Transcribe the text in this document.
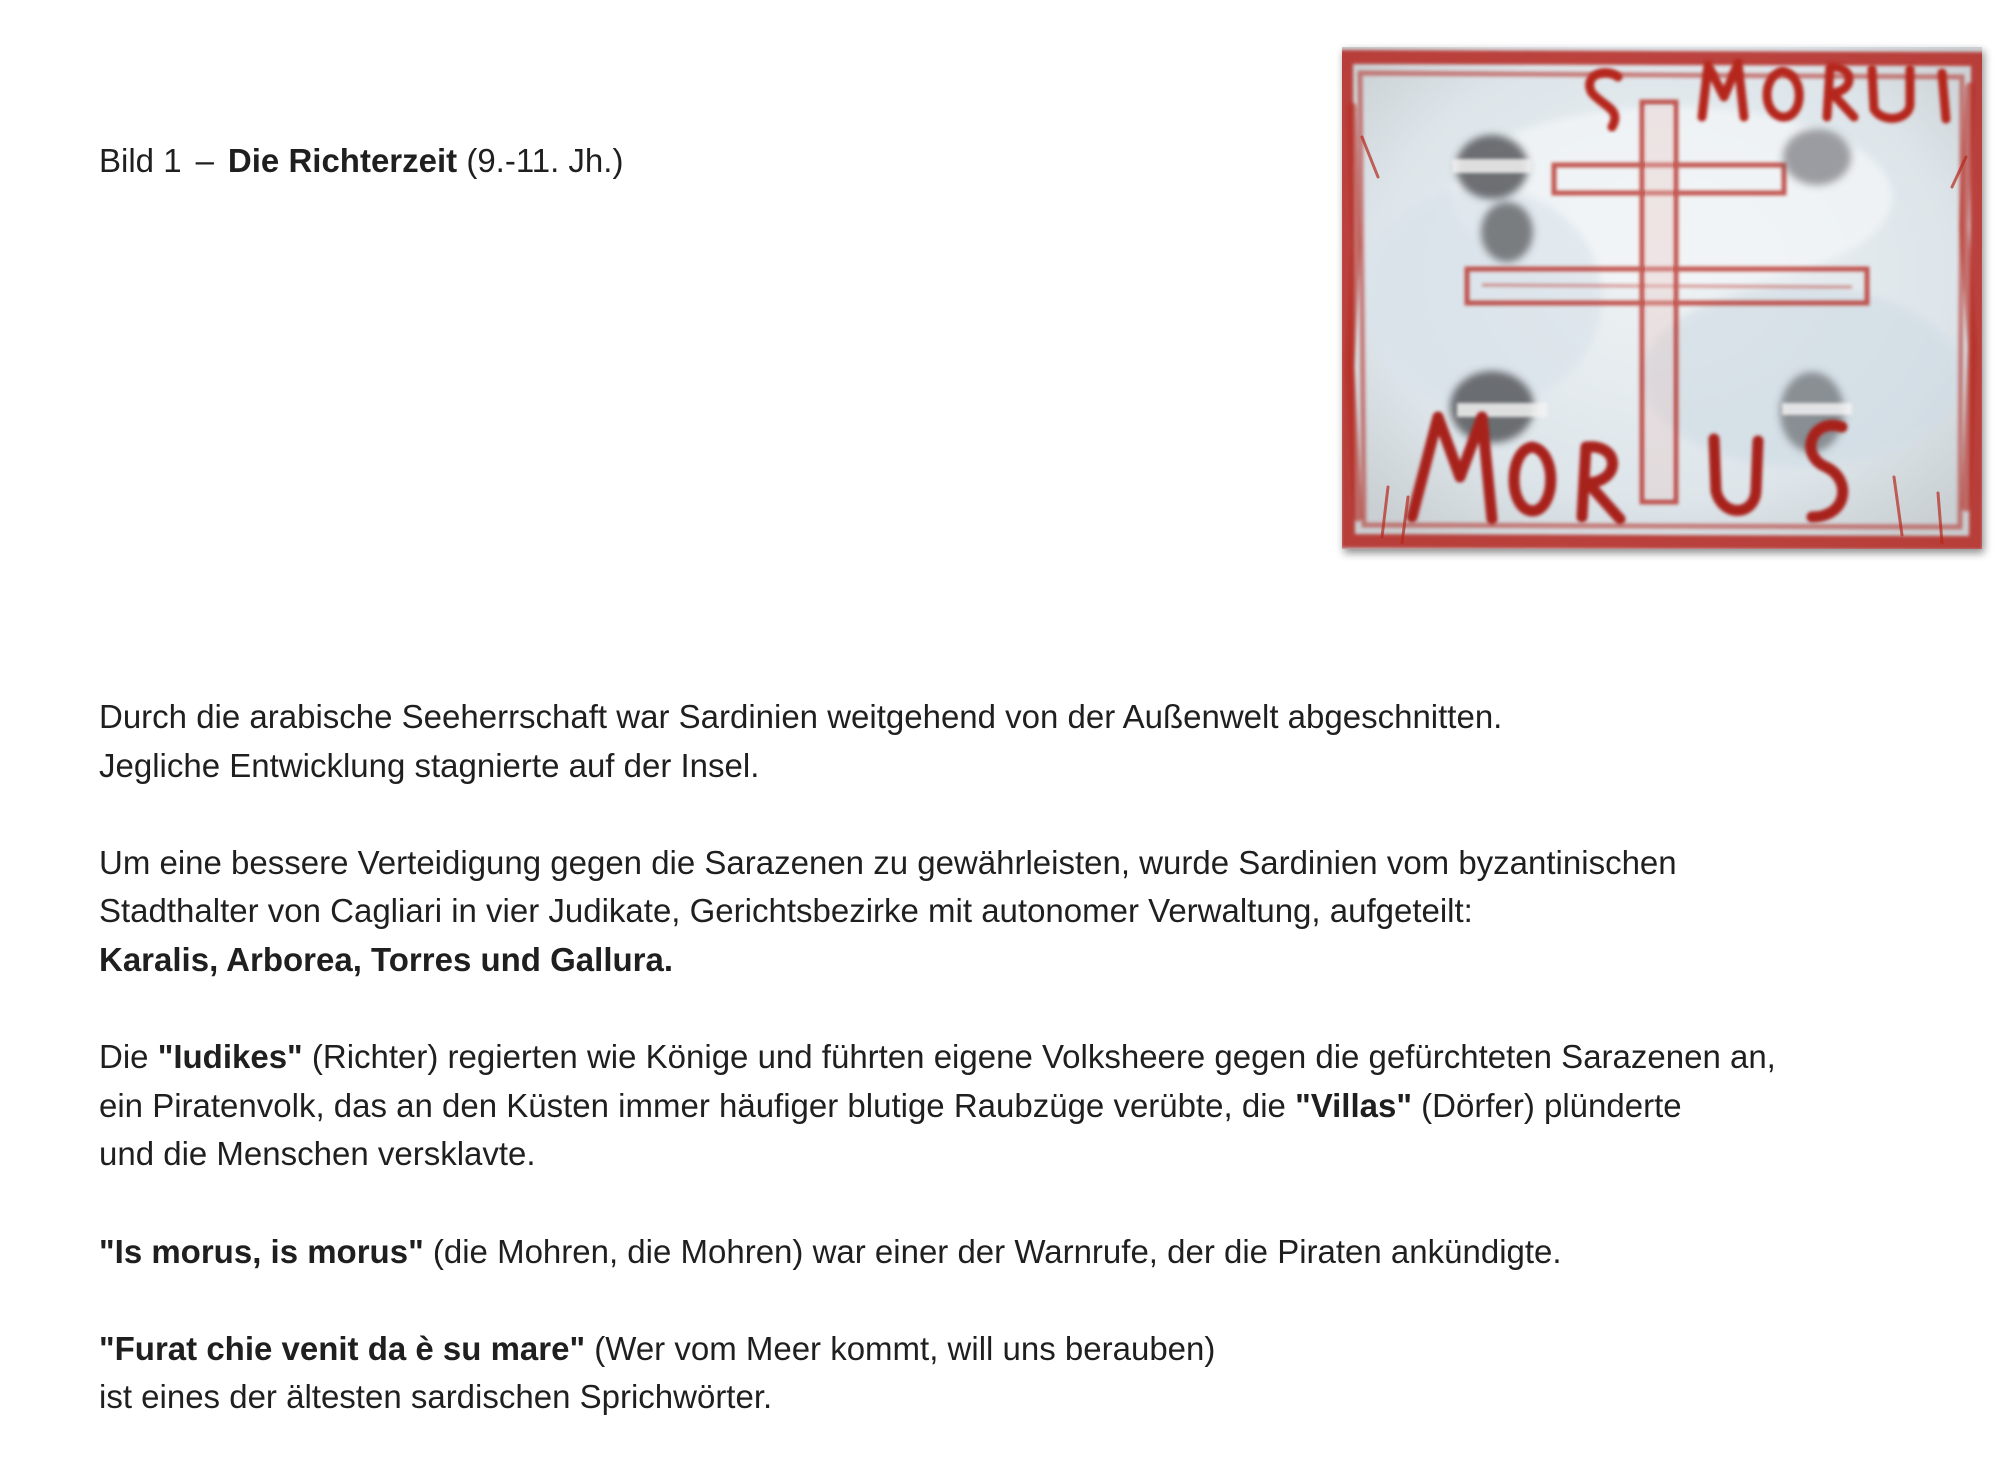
Bild 1 – Die Richterzeit (9.-11. Jh.)

Durch die arabische Seeherrschaft war Sardinien weitgehend von der Außenwelt abgeschnitten.
Jegliche Entwicklung stagnierte auf der Insel.

Um eine bessere Verteidigung gegen die Sarazenen zu gewährleisten, wurde Sardinien vom byzantinischen
Stadthalter von Cagliari in vier Judikate, Gerichtsbezirke mit autonomer Verwaltung, aufgeteilt:
Karalis, Arborea, Torres und Gallura.

Die "Iudikes" (Richter) regierten wie Könige und führten eigene Volksheere gegen die gefürchteten Sarazenen an,
ein Piratenvolk, das an den Küsten immer häufiger blutige Raubzüge verübte, die "Villas" (Dörfer) plünderte
und die Menschen versklavte.

"Is morus, is morus" (die Mohren, die Mohren) war einer der Warnrufe, der die Piraten ankündigte.

"Furat chie venit da è su mare" (Wer vom Meer kommt, will uns berauben)
ist eines der ältesten sardischen Sprichwörter.
